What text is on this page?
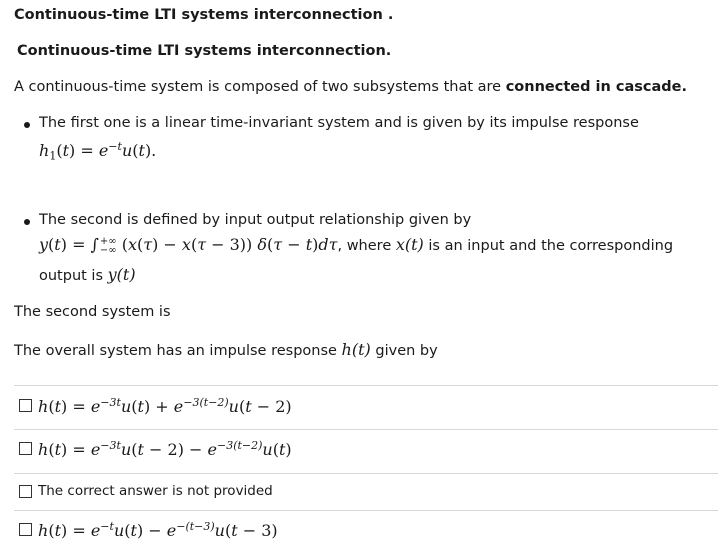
Continuous-time LTI systems interconnection .
Continuous-time LTI systems interconnection.
A continuous-time system is composed of two subsystems that are connected in cascade.
The first one is a linear time-invariant system and is given by its impulse response
$h_1(t) = e^{-t}u(t)$.
The second is defined by input output relationship given by
y(t) = ∫ +∞
−∞ (x(τ) − x(τ − 3)) δ(τ − t)dτ, where x(t) is an input and the corresponding
output is y(t)
The second system is
The overall system has an impulse response h(t) given by
$h(t) = e^{-3t}u(t) + e^{-3(t-2)}u(t - 2)$
$h(t) = e^{-3t}u(t - 2) - e^{-3(t-2)}u(t)$
The correct answer is not provided
$h(t) = e^{-t}u(t) - e^{-(t-3)}u(t - 3)$
